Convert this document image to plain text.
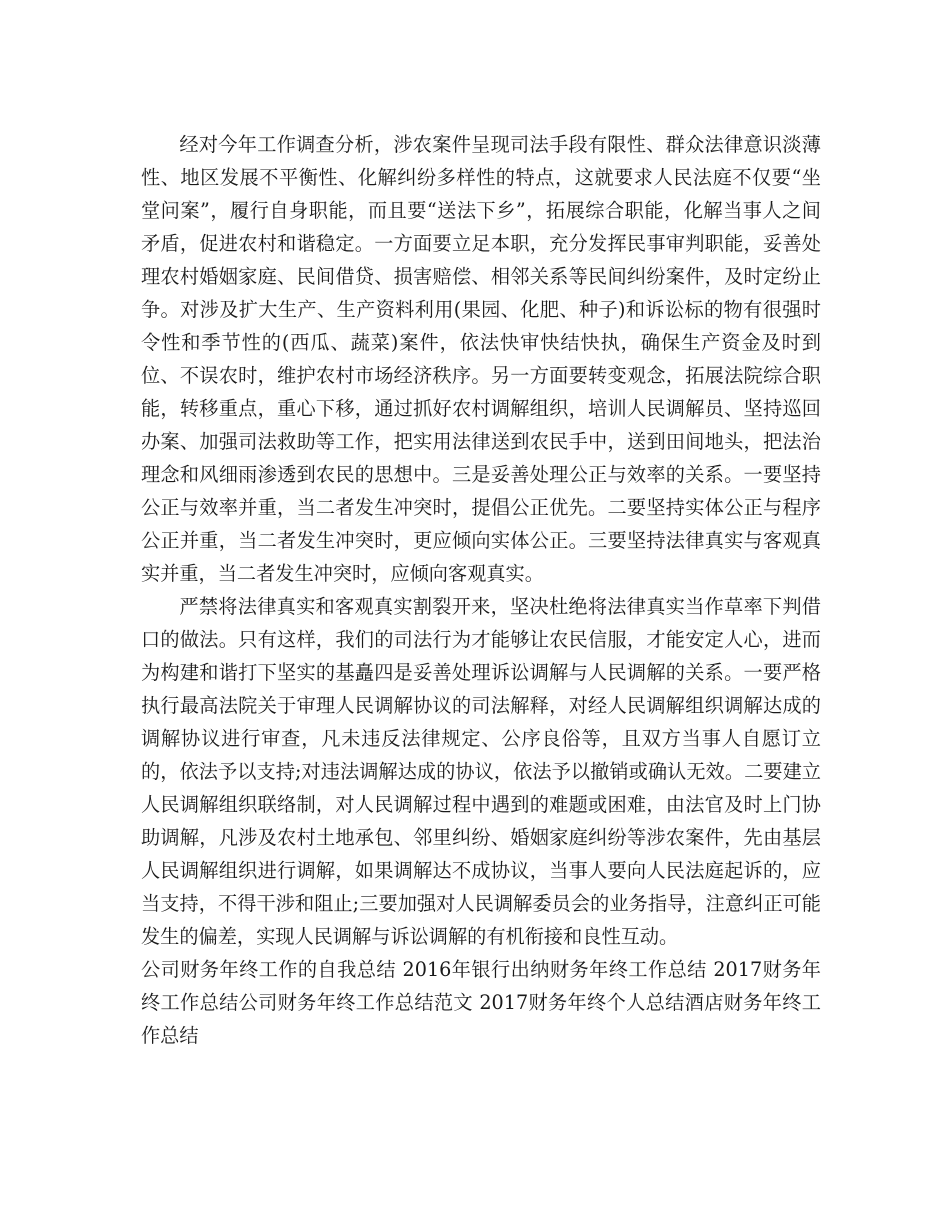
经对今年工作调查分析，涉农案件呈现司法手段有限性、群众法律意识淡薄性、地区发展不平衡性、化解纠纷多样性的特点，这就要求人民法庭不仅要“坐堂问案”，履行自身职能，而且要“送法下乡”，拓展综合职能，化解当事人之间矛盾，促进农村和谐稳定。一方面要立足本职，充分发挥民事审判职能，妥善处理农村婚姻家庭、民间借贷、损害赔偿、相邻关系等民间纠纷案件，及时定纷止争。对涉及扩大生产、生产资料利用(果园、化肥、种子)和诉讼标的物有很强时令性和季节性的(西瓜、蔬菜)案件，依法快审快结快执，确保生产资金及时到位、不误农时，维护农村市场经济秩序。另一方面要转变观念，拓展法院综合职能，转移重点，重心下移，通过抓好农村调解组织，培训人民调解员、坚持巡回办案、加强司法救助等工作，把实用法律送到农民手中，送到田间地头，把法治理念和风细雨渗透到农民的思想中。三是妥善处理公正与效率的关系。一要坚持公正与效率并重，当二者发生冲突时，提倡公正优先。二要坚持实体公正与程序公正并重，当二者发生冲突时，更应倾向实体公正。三要坚持法律真实与客观真实并重，当二者发生冲突时，应倾向客观真实。

严禁将法律真实和客观真实割裂开来，坚决杜绝将法律真实当作草率下判借口的做法。只有这样，我们的司法行为才能够让农民信服，才能安定人心，进而为构建和谐打下坚实的基矗四是妥善处理诉讼调解与人民调解的关系。一要严格执行最高法院关于审理人民调解协议的司法解释，对经人民调解组织调解达成的调解协议进行审查，凡未违反法律规定、公序良俗等，且双方当事人自愿订立的，依法予以支持;对违法调解达成的协议，依法予以撤销或确认无效。二要建立人民调解组织联络制，对人民调解过程中遇到的难题或困难，由法官及时上门协助调解，凡涉及农村土地承包、邻里纠纷、婚姻家庭纠纷等涉农案件，先由基层人民调解组织进行调解，如果调解达不成协议，当事人要向人民法庭起诉的，应当支持，不得干涉和阻止;三要加强对人民调解委员会的业务指导，注意纠正可能发生的偏差，实现人民调解与诉讼调解的有机衔接和良性互动。

公司财务年终工作的自我总结 2016年银行出纳财务年终工作总结 2017财务年终工作总结公司财务年终工作总结范文 2017财务年终个人总结酒店财务年终工作总结
